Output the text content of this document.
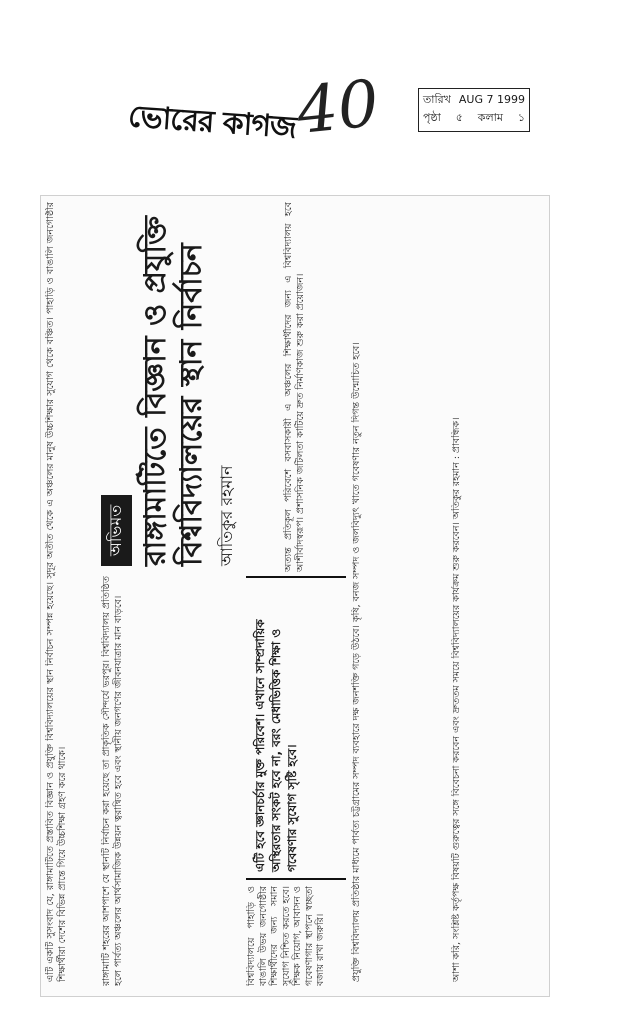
ভোরের কাগজ
40	তারিখ AUG 7 1999
পৃষ্ঠা ৫ কলাম ১
এটি একটি সুসংবাদ যে, রাঙ্গামাটিতে প্রস্তাবিত বিজ্ঞান ও প্রযুক্তি বিশ্ববিদ্যালয়ের স্থান নির্বাচন সম্পন্ন হয়েছে। সুদূর অতীত থেকে এ অঞ্চলের মানুষ উচ্চশিক্ষার সুযোগ থেকে বঞ্চিত। পাহাড়ি ও বাঙালি জনগোষ্ঠীর শিক্ষার্থীরা দেশের বিভিন্ন প্রান্তে গিয়ে উচ্চশিক্ষা গ্রহণ করে থাকে।
অভিমত রাঙ্গামাটিতে বিজ্ঞান ও প্রযুক্তি বিশ্ববিদ্যালয়ের স্থান নির্বাচন আতিকুর রহমান
রাঙ্গামাটি শহরের আশপাশে যে স্থানটি নির্বাচন করা হয়েছে তা প্রাকৃতিক সৌন্দর্যে ভরপুর। বিশ্ববিদ্যালয় প্রতিষ্ঠিত হলে পার্বত্য অঞ্চলের আর্থসামাজিক উন্নয়ন ত্বরান্বিত হবে এবং স্থানীয় জনগণের জীবনযাত্রার মান বাড়বে।
অত্যন্ত প্রতিকূল পরিবেশে বসবাসকারী এ অঞ্চলের শিক্ষার্থীদের জন্য এ বিশ্ববিদ্যালয় হবে আশীর্বাদস্বরূপ। প্রশাসনিক জটিলতা কাটিয়ে দ্রুত নির্মাণকাজ শুরু করা প্রয়োজন।
এটি হবে জ্ঞানচর্চার মুক্ত পরিবেশ। এখানে সাম্প্রদায়িক অস্থিরতার সংকট হবে না, বরং মেধাভিত্তিক শিক্ষা ও গবেষণার সুযোগ সৃষ্টি হবে।
বিশ্ববিদ্যালয়ে পাহাড়ি ও বাঙালি উভয় জনগোষ্ঠীর শিক্ষার্থীদের জন্য সমান সুযোগ নিশ্চিত করতে হবে। শিক্ষক নিয়োগ, আবাসন ও গবেষণাগার স্থাপনে স্বচ্ছতা বজায় রাখা জরুরি।	প্রযুক্তি বিশ্ববিদ্যালয় প্রতিষ্ঠার মাধ্যমে পার্বত্য চট্টগ্রামের সম্পদ ব্যবহারে দক্ষ জনশক্তি গড়ে উঠবে। কৃষি, বনজ সম্পদ ও জলবিদ্যুৎ খাতে গবেষণার নতুন দিগন্ত উন্মোচিত হবে।	আশা করি, সংশ্লিষ্ট কর্তৃপক্ষ বিষয়টি গুরুত্বের সঙ্গে বিবেচনা করবেন এবং দ্রুততম সময়ে বিশ্ববিদ্যালয়ের কার্যক্রম শুরু করবেন। অতিকুর রহমান : প্রাবন্ধিক।
